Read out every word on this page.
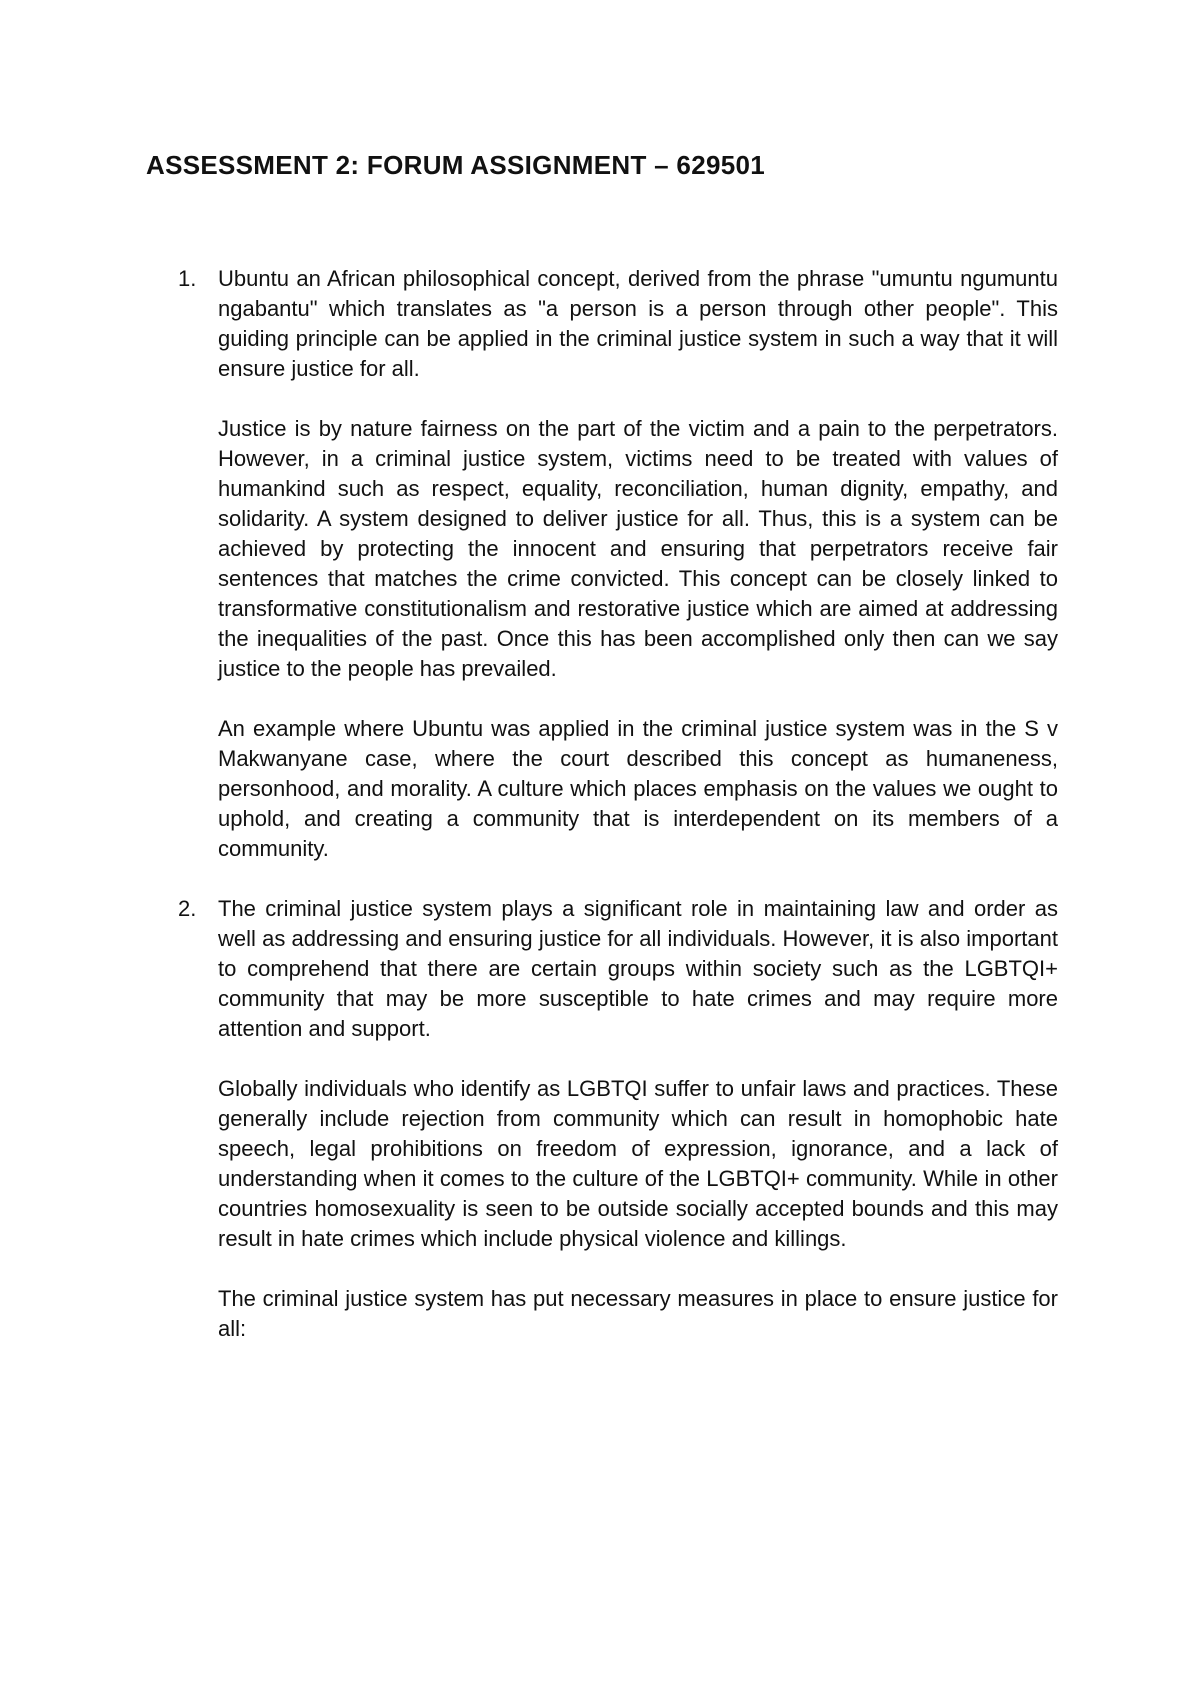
ASSESSMENT 2: FORUM ASSIGNMENT – 629501
1. Ubuntu an African philosophical concept, derived from the phrase "umuntu ngumuntu ngabantu" which translates as "a person is a person through other people". This guiding principle can be applied in the criminal justice system in such a way that it will ensure justice for all.

Justice is by nature fairness on the part of the victim and a pain to the perpetrators. However, in a criminal justice system, victims need to be treated with values of humankind such as respect, equality, reconciliation, human dignity, empathy, and solidarity. A system designed to deliver justice for all. Thus, this is a system can be achieved by protecting the innocent and ensuring that perpetrators receive fair sentences that matches the crime convicted. This concept can be closely linked to transformative constitutionalism and restorative justice which are aimed at addressing the inequalities of the past. Once this has been accomplished only then can we say justice to the people has prevailed.

An example where Ubuntu was applied in the criminal justice system was in the S v Makwanyane case, where the court described this concept as humaneness, personhood, and morality. A culture which places emphasis on the values we ought to uphold, and creating a community that is interdependent on its members of a community.

2. The criminal justice system plays a significant role in maintaining law and order as well as addressing and ensuring justice for all individuals. However, it is also important to comprehend that there are certain groups within society such as the LGBTQI+ community that may be more susceptible to hate crimes and may require more attention and support.

Globally individuals who identify as LGBTQI suffer to unfair laws and practices. These generally include rejection from community which can result in homophobic hate speech, legal prohibitions on freedom of expression, ignorance, and a lack of understanding when it comes to the culture of the LGBTQI+ community. While in other countries homosexuality is seen to be outside socially accepted bounds and this may result in hate crimes which include physical violence and killings.

The criminal justice system has put necessary measures in place to ensure justice for all:
